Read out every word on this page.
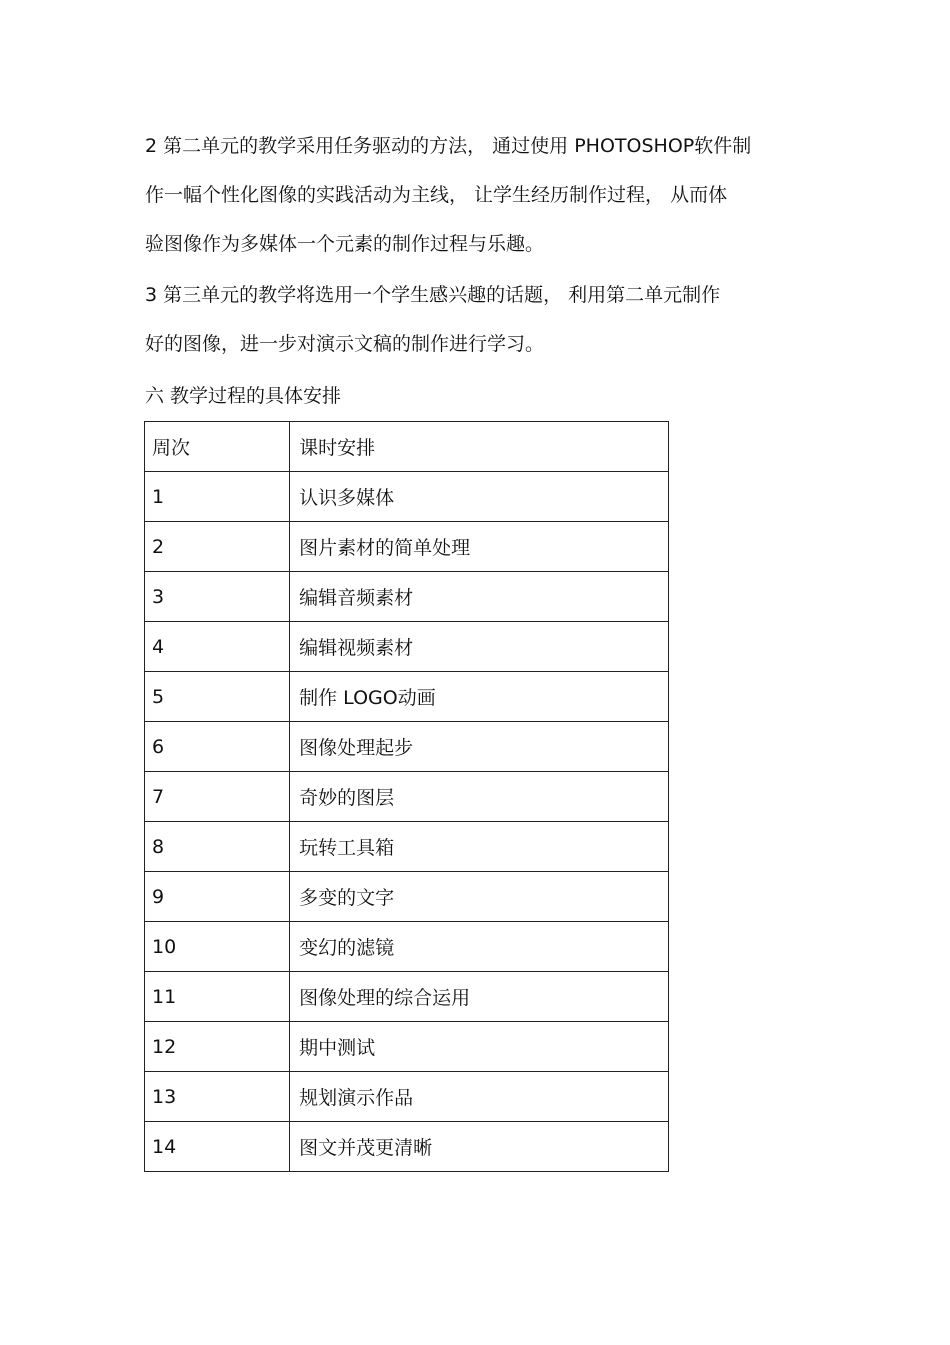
2 第二单元的教学采用任务驱动的方法， 通过使用 PHOTOSHOP软件制
作一幅个性化图像的实践活动为主线， 让学生经历制作过程， 从而体
验图像作为多媒体一个元素的制作过程与乐趣。
3 第三单元的教学将选用一个学生感兴趣的话题， 利用第二单元制作
好的图像，进一步对演示文稿的制作进行学习。
六 教学过程的具体安排
周次	课时安排
1	认识多媒体
2	图片素材的简单处理
3	编辑音频素材
4	编辑视频素材
5	制作 LOGO动画
6	图像处理起步
7	奇妙的图层
8	玩转工具箱
9	多变的文字
10	变幻的滤镜
11	图像处理的综合运用
12	期中测试
13	规划演示作品
14	图文并茂更清晰
